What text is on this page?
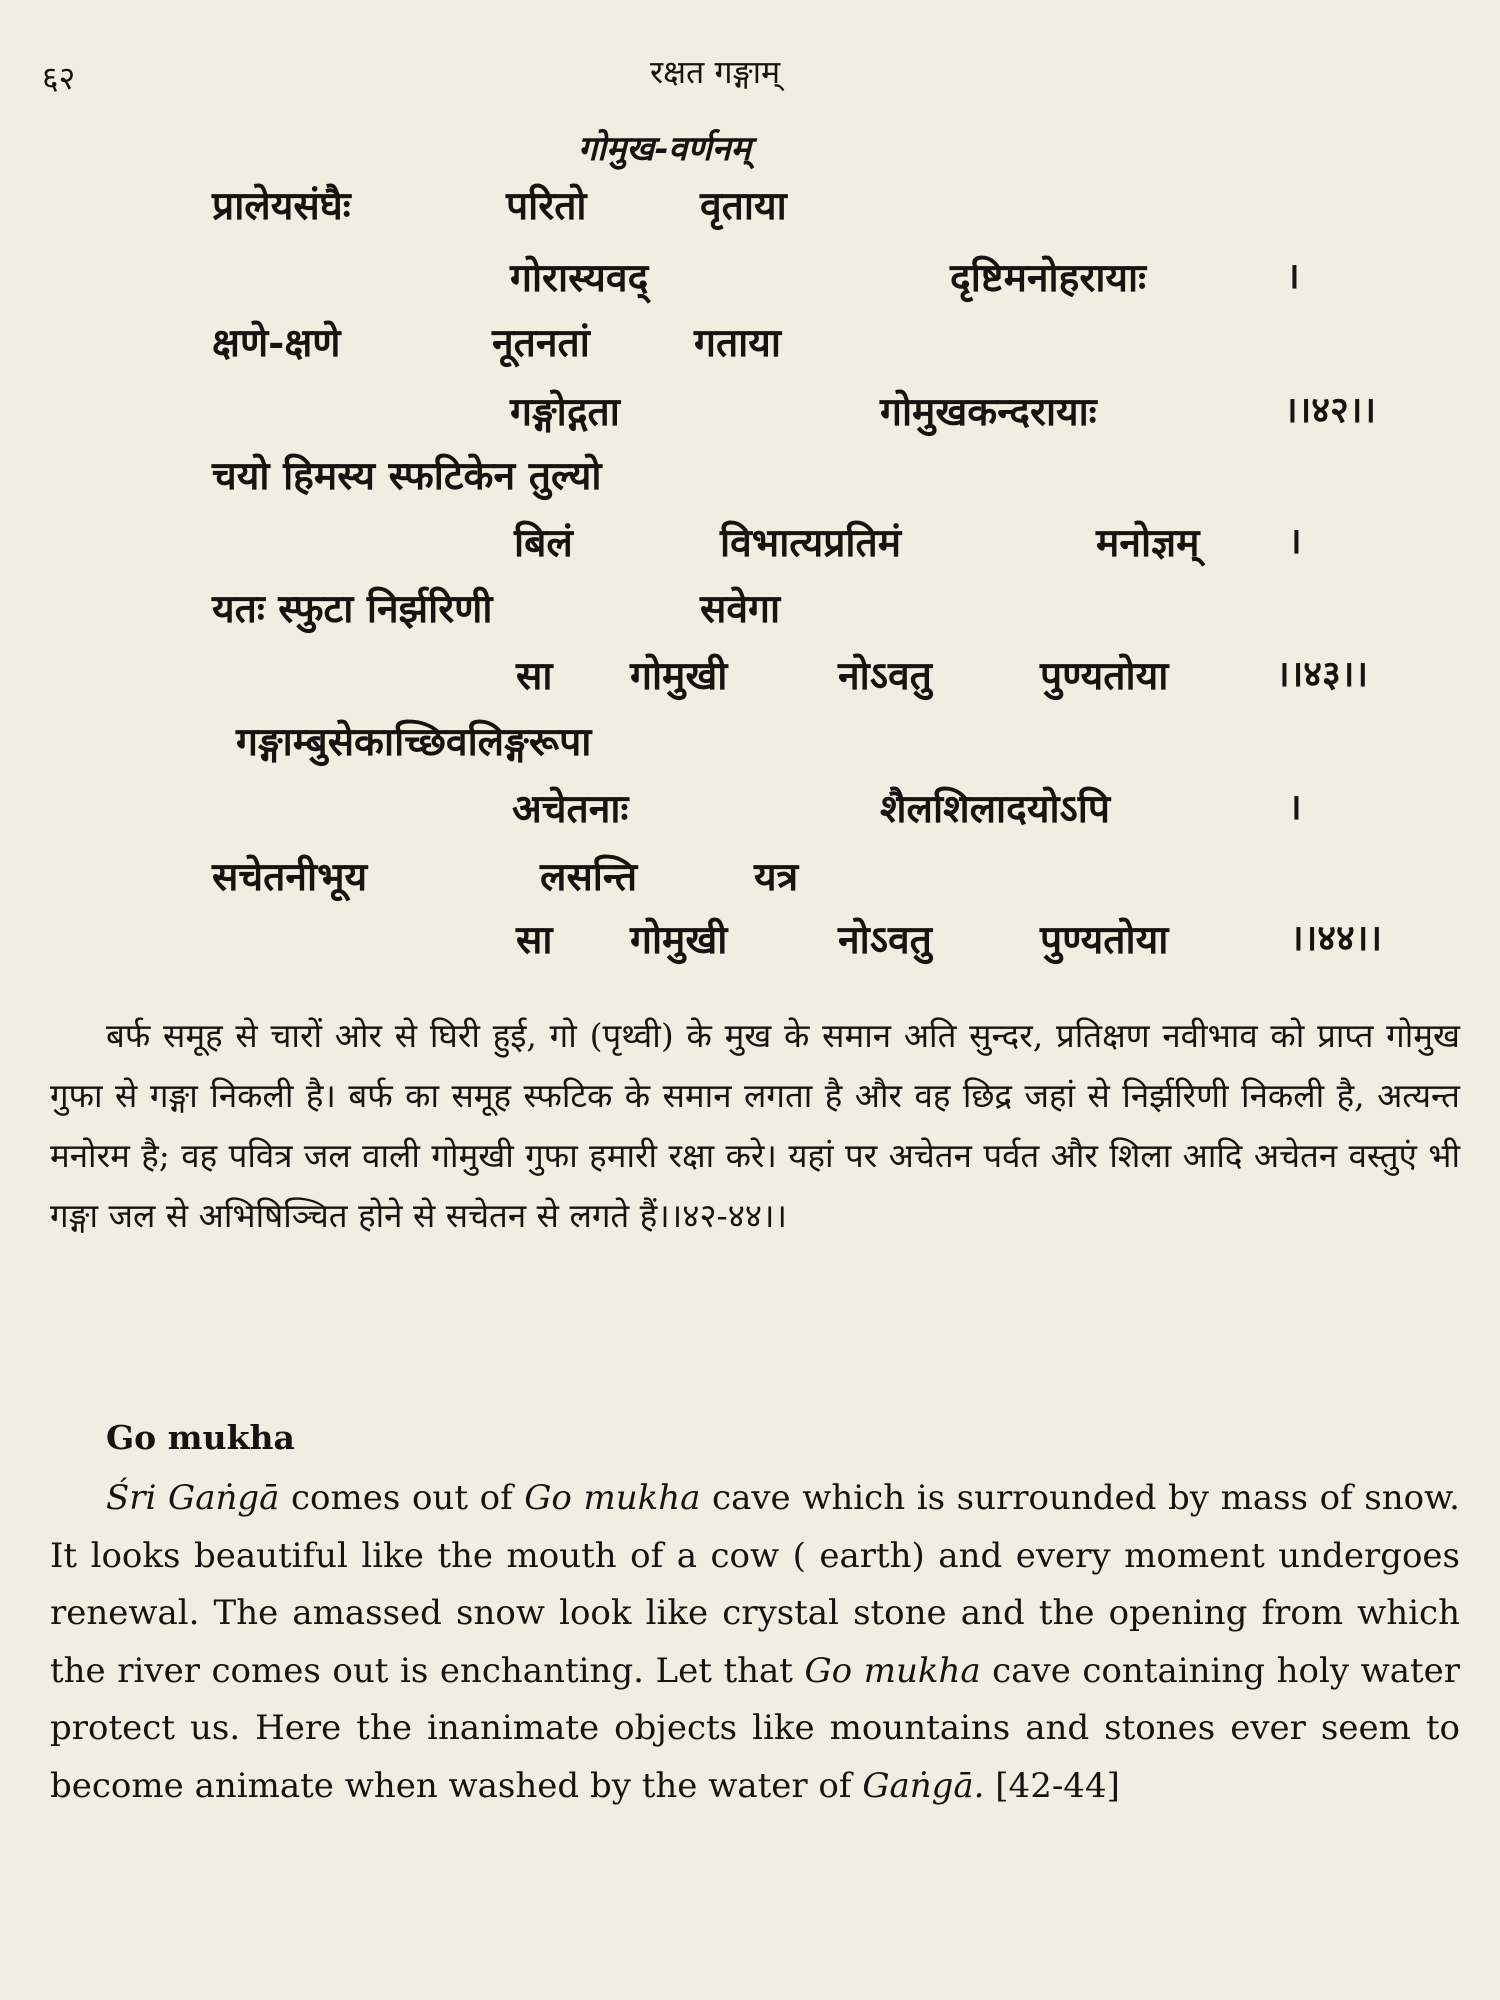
६२	रक्षत गङ्गाम्
गोमुख-वर्णनम्
प्रालेयसंघैः	परितो	वृताया
गोरास्यवद्	दृष्टिमनोहरायाः	।
क्षणे-क्षणे	नूतनतां	गताया
गङ्गोद्गता	गोमुखकन्दरायाः	।।४२।।
चयो हिमस्य स्फटिकेन तुल्यो
बिलं	विभात्यप्रतिमं	मनोज्ञम् ।
यतः स्फुटा निर्झरिणी	सवेगा
सा गोमुखी	नोऽवतु	पुण्यतोया	।।४३।।
गङ्गाम्बुसेकाच्छिवलिङ्गरूपा
अचेतनाः	शैलशिलादयोऽपि	।
सचेतनीभूय	लसन्ति	यत्र
सा गोमुखी	नोऽवतु	पुण्यतोया	।।४४।।

बर्फ समूह से चारों ओर से घिरी हुई, गो (पृथ्वी) के मुख के समान अति सुन्दर, प्रतिक्षण नवीभाव को प्राप्त गोमुख गुफा से गङ्गा निकली है। बर्फ का समूह स्फटिक के समान लगता है और वह छिद्र जहां से निर्झरिणी निकली है, अत्यन्त मनोरम है; वह पवित्र जल वाली गोमुखी गुफा हमारी रक्षा करे। यहां पर अचेतन पर्वत और शिला आदि अचेतन वस्तुएं भी गङ्गा जल से अभिषिञ्चित होने से सचेतन से लगते हैं।।४२-४४।।

Go mukha

Śri Gaṅgā comes out of Go mukha cave which is surrounded by mass of snow. It looks beautiful like the mouth of a cow ( earth) and every moment undergoes renewal. The amassed snow look like crystal stone and the opening from which the river comes out is enchanting. Let that Go mukha cave containing holy water protect us. Here the inanimate objects like mountains and stones ever seem to become animate when washed by the water of Gaṅgā. [42-44]
